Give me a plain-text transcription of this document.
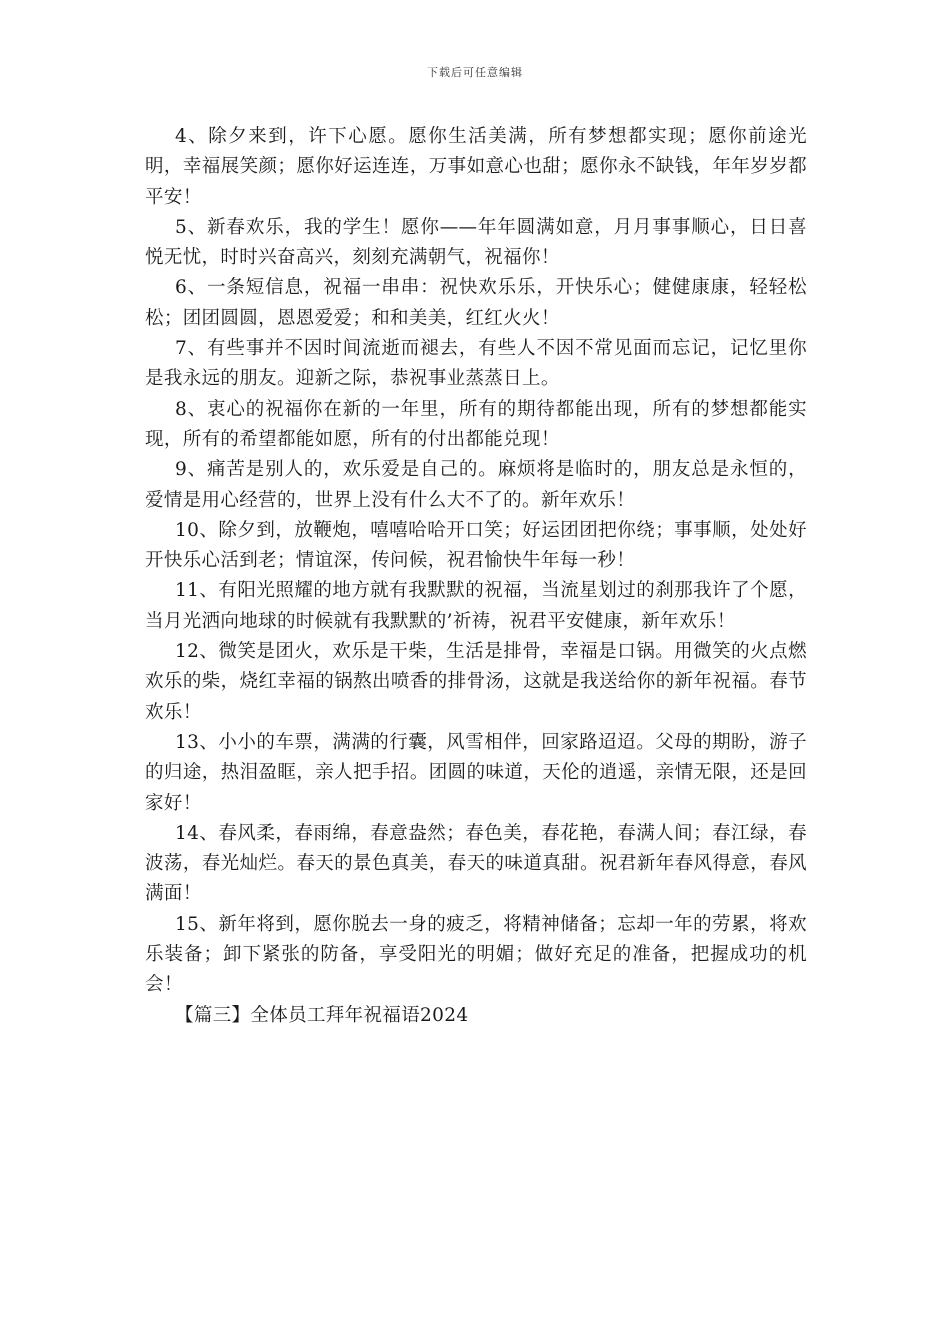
下载后可任意编辑

4、除夕来到，许下心愿。愿你生活美满，所有梦想都实现；愿你前途光明，幸福展笑颜；愿你好运连连，万事如意心也甜；愿你永不缺钱，年年岁岁都平安！

5、新春欢乐，我的学生！愿你——年年圆满如意，月月事事顺心，日日喜悦无忧，时时兴奋高兴，刻刻充满朝气，祝福你！

6、一条短信息，祝福一串串：祝快欢乐乐，开快乐心；健健康康，轻轻松松；团团圆圆，恩恩爱爱；和和美美，红红火火！

7、有些事并不因时间流逝而褪去，有些人不因不常见面而忘记，记忆里你是我永远的朋友。迎新之际，恭祝事业蒸蒸日上。

8、衷心的祝福你在新的一年里，所有的期待都能出现，所有的梦想都能实现，所有的希望都能如愿，所有的付出都能兑现！

9、痛苦是别人的，欢乐爱是自己的。麻烦将是临时的，朋友总是永恒的，爱情是用心经营的，世界上没有什么大不了的。新年欢乐！

10、除夕到，放鞭炮，嘻嘻哈哈开口笑；好运团团把你绕；事事顺，处处好开快乐心活到老；情谊深，传问候，祝君愉快牛年每一秒！

11、有阳光照耀的地方就有我默默的祝福，当流星划过的刹那我许了个愿，当月光洒向地球的时候就有我默默的’祈祷，祝君平安健康，新年欢乐！

12、微笑是团火，欢乐是干柴，生活是排骨，幸福是口锅。用微笑的火点燃欢乐的柴，烧红幸福的锅熬出喷香的排骨汤，这就是我送给你的新年祝福。春节欢乐！

13、小小的车票，满满的行囊，风雪相伴，回家路迢迢。父母的期盼，游子的归途，热泪盈眶，亲人把手招。团圆的味道，天伦的逍遥，亲情无限，还是回家好！

14、春风柔，春雨绵，春意盎然；春色美，春花艳，春满人间；春江绿，春波荡，春光灿烂。春天的景色真美，春天的味道真甜。祝君新年春风得意，春风满面！

15、新年将到，愿你脱去一身的疲乏，将精神储备；忘却一年的劳累，将欢乐装备；卸下紧张的防备，享受阳光的明媚；做好充足的准备，把握成功的机会！

【篇三】全体员工拜年祝福语2024
